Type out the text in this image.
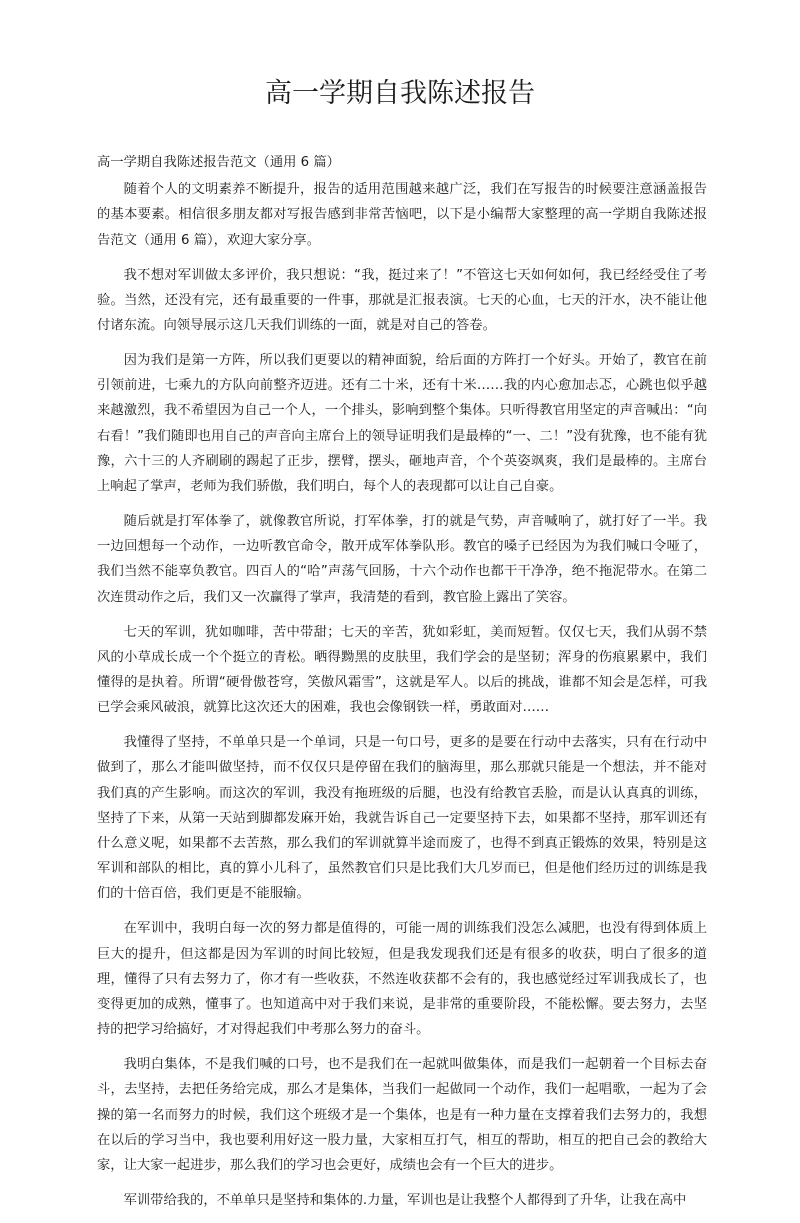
高一学期自我陈述报告

高一学期自我陈述报告范文（通用 6 篇）

随着个人的文明素养不断提升，报告的适用范围越来越广泛，我们在写报告的时候要注意涵盖报告的基本要素。相信很多朋友都对写报告感到非常苦恼吧，以下是小编帮大家整理的高一学期自我陈述报告范文（通用 6 篇），欢迎大家分享。

我不想对军训做太多评价，我只想说：“我，挺过来了！”不管这七天如何如何，我已经经受住了考验。当然，还没有完，还有最重要的一件事，那就是汇报表演。七天的心血，七天的汗水，决不能让他付诸东流。向领导展示这几天我们训练的一面，就是对自己的答卷。

因为我们是第一方阵，所以我们更要以的精神面貌，给后面的方阵打一个好头。开始了，教官在前引领前进，七乘九的方队向前整齐迈进。还有二十米，还有十米……我的内心愈加忐忑，心跳也似乎越来越激烈，我不希望因为自己一个人，一个排头，影响到整个集体。只听得教官用坚定的声音喊出：“向右看！”我们随即也用自己的声音向主席台上的领导证明我们是最棒的“一、二！”没有犹豫，也不能有犹豫，六十三的人齐刷刷的踢起了正步，摆臂，摆头，砸地声音，个个英姿飒爽，我们是最棒的。主席台上响起了掌声，老师为我们骄傲，我们明白，每个人的表现都可以让自己自豪。

随后就是打军体拳了，就像教官所说，打军体拳，打的就是气势，声音喊响了，就打好了一半。我一边回想每一个动作，一边听教官命令，散开成军体拳队形。教官的嗓子已经因为为我们喊口令哑了，我们当然不能辜负教官。四百人的“哈”声荡气回肠，十六个动作也都干干净净，绝不拖泥带水。在第二次连贯动作之后，我们又一次赢得了掌声，我清楚的看到，教官脸上露出了笑容。

七天的军训，犹如咖啡，苦中带甜；七天的辛苦，犹如彩虹，美而短暂。仅仅七天，我们从弱不禁风的小草成长成一个个挺立的青松。晒得黝黑的皮肤里，我们学会的是坚韧；浑身的伤痕累累中，我们懂得的是执着。所谓“硬骨傲苍穹，笑傲风霜雪”，这就是军人。以后的挑战，谁都不知会是怎样，可我已学会乘风破浪，就算比这次还大的困难，我也会像钢铁一样，勇敢面对……

我懂得了坚持，不单单只是一个单词，只是一句口号，更多的是要在行动中去落实，只有在行动中做到了，那么才能叫做坚持，而不仅仅只是停留在我们的脑海里，那么那就只能是一个想法，并不能对我们真的产生影响。而这次的军训，我没有拖班级的后腿，也没有给教官丢脸，而是认认真真的训练，坚持了下来，从第一天站到脚都发麻开始，我就告诉自己一定要坚持下去，如果都不坚持，那军训还有什么意义呢，如果都不去苦熬，那么我们的军训就算半途而废了，也得不到真正锻炼的效果，特别是这军训和部队的相比，真的算小儿科了，虽然教官们只是比我们大几岁而已，但是他们经历过的训练是我们的十倍百倍，我们更是不能服输。

在军训中，我明白每一次的努力都是值得的，可能一周的训练我们没怎么减肥，也没有得到体质上巨大的提升，但这都是因为军训的时间比较短，但是我发现我们还是有很多的收获，明白了很多的道理，懂得了只有去努力了，你才有一些收获，不然连收获都不会有的，我也感觉经过军训我成长了，也变得更加的成熟，懂事了。也知道高中对于我们来说，是非常的重要阶段，不能松懈。要去努力，去坚持的把学习给搞好，才对得起我们中考那么努力的奋斗。

我明白集体，不是我们喊的口号，也不是我们在一起就叫做集体，而是我们一起朝着一个目标去奋斗，去坚持，去把任务给完成，那么才是集体，当我们一起做同一个动作，我们一起唱歌，一起为了会操的第一名而努力的时候，我们这个班级才是一个集体，也是有一种力量在支撑着我们去努力的，我想在以后的学习当中，我也要利用好这一股力量，大家相互打气，相互的帮助，相互的把自己会的教给大家，让大家一起进步，那么我们的学习也会更好，成绩也会有一个巨大的进步。

军训带给我的，不单单只是坚持和集体的.力量，军训也是让我整个人都得到了升华，让我在高中
